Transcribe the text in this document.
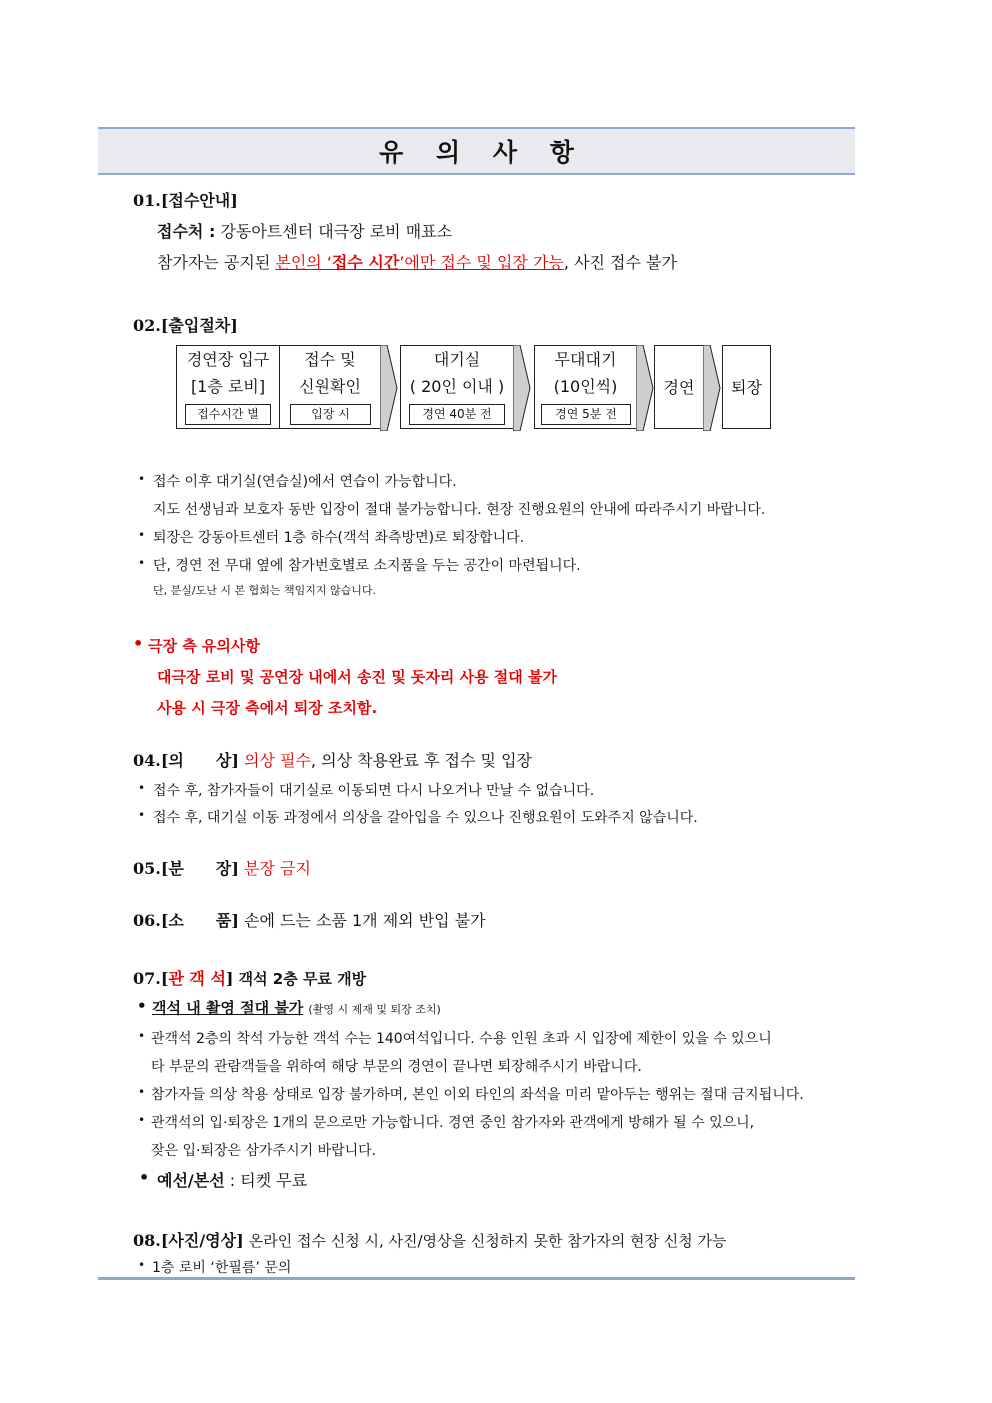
유 의 사 항
01.[접수안내]
접수처 : 강동아트센터 대극장 로비 매표소
참가자는 공지된 본인의 ‘접수 시간’에만 접수 및 입장 가능, 사진 접수 불가
02.[출입절차]
경연장 입구
[1층 로비]
접수시간 별
접수 및
신원확인
입장 시
대기실
( 20인 이내 )
경연 40분 전
무대대기
(10인씩)
경연 5분 전
경연	퇴장
• 접수 이후 대기실(연습실)에서 연습이 가능합니다.
지도 선생님과 보호자 동반 입장이 절대 불가능합니다. 현장 진행요원의 안내에 따라주시기 바랍니다.
• 퇴장은 강동아트센터 1층 하수(객석 좌측방면)로 퇴장합니다.
• 단, 경연 전 무대 옆에 참가번호별로 소지품을 두는 공간이 마련됩니다.
단, 분실/도난 시 본 협회는 책임지지 않습니다.
• 극장 측 유의사항
대극장 로비 및 공연장 내에서 송진 및 돗자리 사용 절대 불가
사용 시 극장 측에서 퇴장 조치함.
04.[의　　상] 의상 필수, 의상 착용완료 후 접수 및 입장
• 접수 후, 참가자들이 대기실로 이동되면 다시 나오거나 만날 수 없습니다.
• 접수 후, 대기실 이동 과정에서 의상을 갈아입을 수 있으나 진행요원이 도와주지 않습니다.
05.[분　　장] 분장 금지
06.[소　　품] 손에 드는 소품 1개 제외 반입 불가
07.[관 객 석] 객석 2층 무료 개방
• 객석 내 촬영 절대 불가 (촬영 시 제재 및 퇴장 조치)
• 관객석 2층의 착석 가능한 객석 수는 140여석입니다. 수용 인원 초과 시 입장에 제한이 있을 수 있으니
타 부문의 관람객들을 위하여 해당 부문의 경연이 끝나면 퇴장해주시기 바랍니다.
• 참가자들 의상 착용 상태로 입장 불가하며, 본인 이외 타인의 좌석을 미리 맡아두는 행위는 절대 금지됩니다.
• 관객석의 입·퇴장은 1개의 문으로만 가능합니다. 경연 중인 참가자와 관객에게 방해가 될 수 있으니,
잦은 입·퇴장은 삼가주시기 바랍니다.
• 예선/본선 : 티켓 무료
08.[사진/영상] 온라인 접수 신청 시, 사진/영상을 신청하지 못한 참가자의 현장 신청 가능
• 1층 로비 ‘한필름’ 문의
